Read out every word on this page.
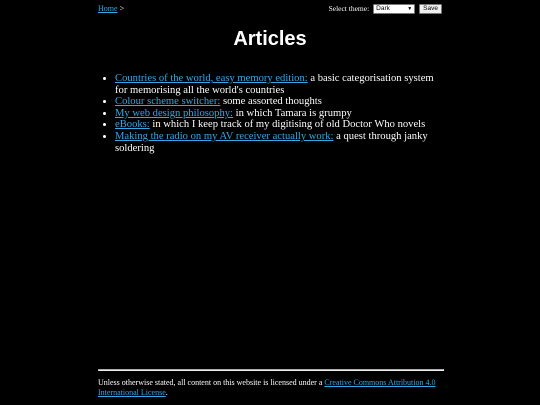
Home >	Select theme: Dark	▼	Save
Articles
• Countries of the world, easy memory edition: a basic categorisation system for memorising all the world's countries
• Colour scheme switcher: some assorted thoughts
• My web design philosophy: in which Tamara is grumpy
• eBooks: in which I keep track of my digitising of old Doctor Who novels
• Making the radio on my AV receiver actually work: a quest through janky soldering
Unless otherwise stated, all content on this website is licensed under a Creative Commons Attribution 4.0 International License.
